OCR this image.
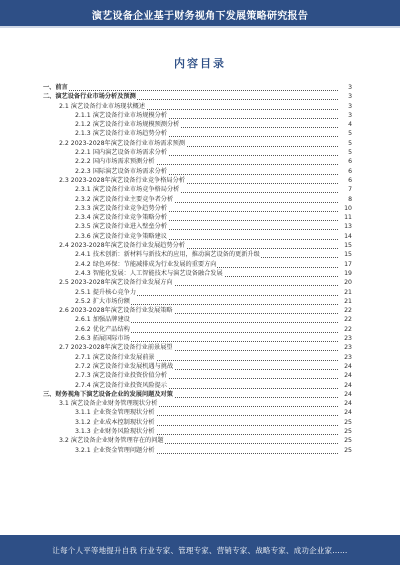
演艺设备企业基于财务视角下发展策略研究报告
内容目录
一、前言	3
二、演艺设备行业市场分析及预测	3
2.1 演艺设备行业市场现状概述	3
2.1.1 演艺设备行业市场规模分析	3
2.1.2 演艺设备行业市场规模预测分析	4
2.1.3 演艺设备行业市场趋势分析	5
2.2 2023-2028年演艺设备行业市场需求预测	5
2.2.1 国内演艺设备市场需求分析	5
2.2.2 国内市场需求预测分析	6
2.2.3 国际演艺设备市场需求分析	6
2.3 2023-2028年演艺设备行业竞争格局分析	6
2.3.1 演艺设备行业市场竞争格局分析	7
2.3.2 演艺设备行业主要竞争者分析	8
2.3.3 演艺设备行业竞争趋势分析	10
2.3.4 演艺设备行业竞争策略分析	11
2.3.5 演艺设备行业进入壁垒分析	13
2.3.6 演艺设备行业竞争策略建议	14
2.4 2023-2028年演艺设备行业发展趋势分析	15
2.4.1 技术创新：新材料与新技术的应用，推动演艺设备的更新升级	15
2.4.2 绿色环保：节能减排成为行业发展的重要方向	17
2.4.3 智能化发展：人工智能技术与演艺设备融合发展	19
2.5 2023-2028年演艺设备行业发展方向	20
2.5.1 提升核心竞争力	21
2.5.2 扩大市场份额	21
2.6 2023-2028年演艺设备行业发展策略	22
2.6.1 加强品牌建设	22
2.6.2 优化产品结构	22
2.6.3 拓展国际市场	23
2.7 2023-2028年演艺设备行业前景展望	23
2.7.1 演艺设备行业发展前景	23
2.7.2 演艺设备行业发展机遇与挑战	24
2.7.3 演艺设备行业投资价值分析	24
2.7.4 演艺设备行业投资风险提示	24
三、财务视角下演艺设备企业的发展问题及对策	24
3.1 演艺设备企业财务管理现状分析	24
3.1.1 企业资金管理现状分析	24
3.1.2 企业成本控制现状分析	25
3.1.3 企业财务风险现状分析	25
3.2 演艺设备企业财务管理存在的问题	25
3.2.1 企业资金管理问题分析	25
让每个人平等地提升自我 行业专家、管理专家、营销专家、战略专家、成功企业家……
